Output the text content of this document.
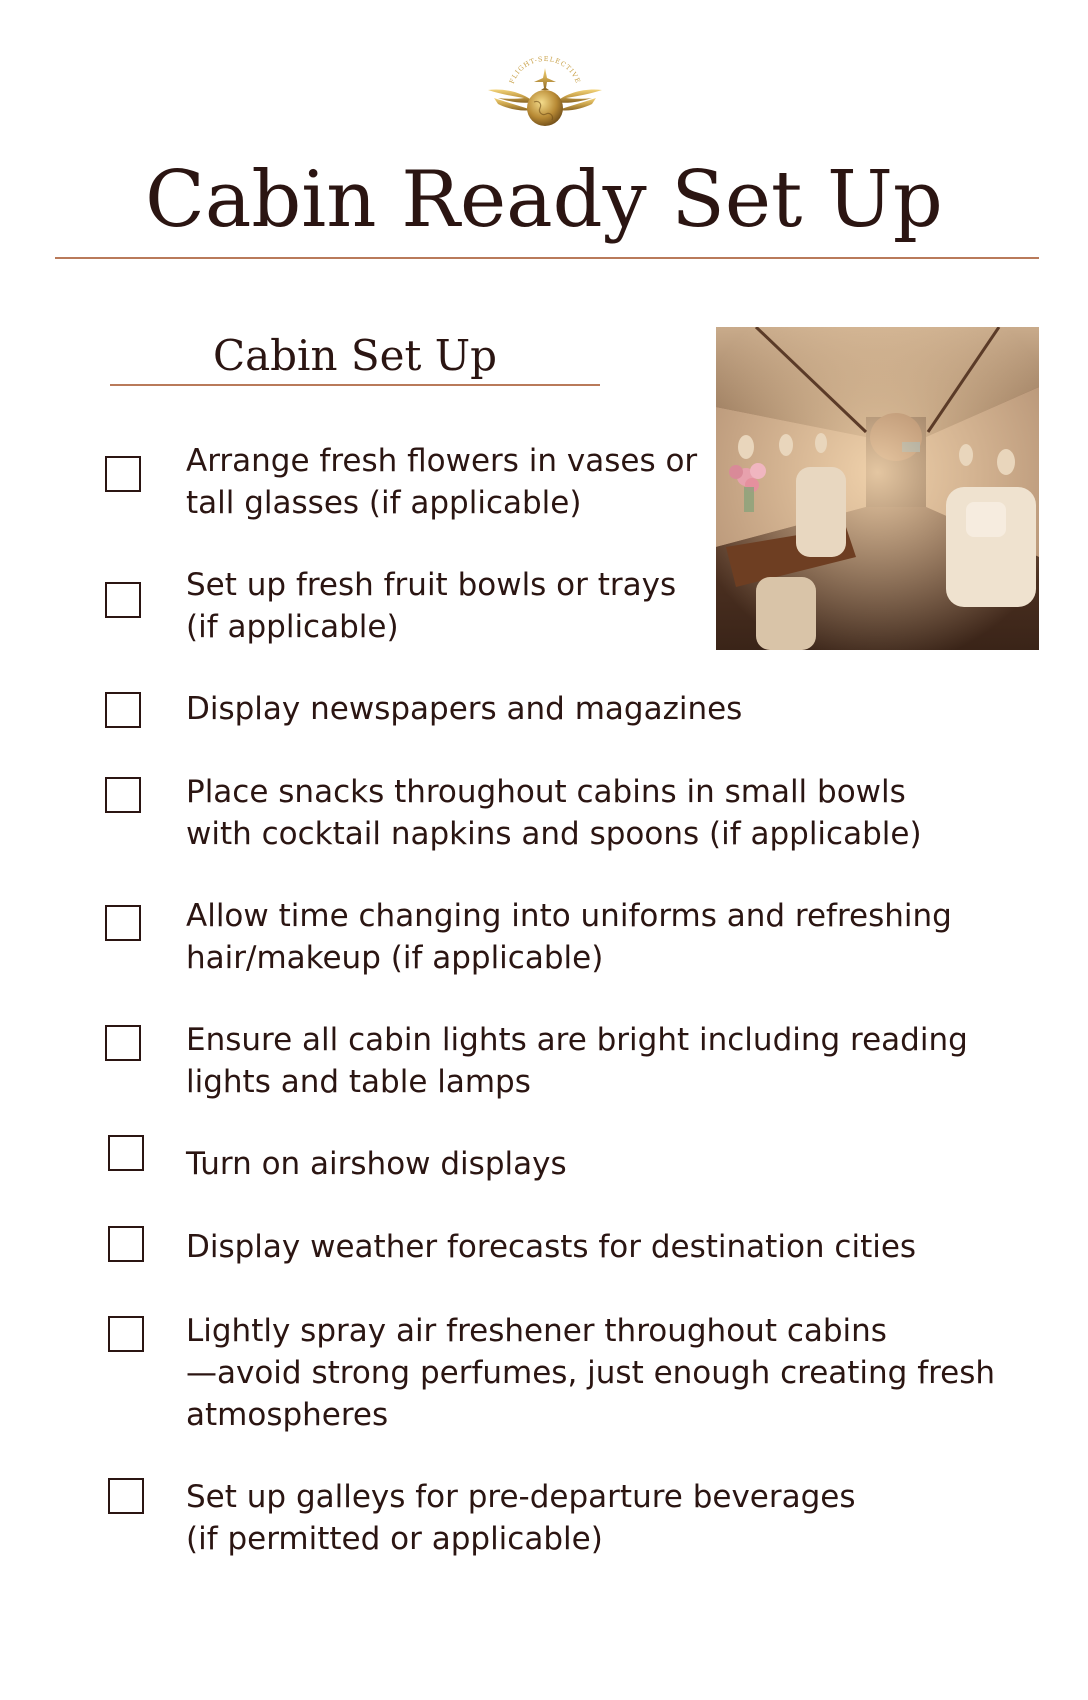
FLIGHT-SELECTIVE
Cabin Ready Set Up
Cabin Set Up
Arrange fresh flowers in vases or
tall glasses (if applicable)
Set up fresh fruit bowls or trays
(if applicable)
Display newspapers and magazines
Place snacks throughout cabins in small bowls
with cocktail napkins and spoons (if applicable)
Allow time changing into uniforms and refreshing
hair/makeup (if applicable)
Ensure all cabin lights are bright including reading
lights and table lamps
Turn on airshow displays
Display weather forecasts for destination cities
Lightly spray air freshener throughout cabins
—avoid strong perfumes, just enough creating fresh
atmospheres
Set up galleys for pre-departure beverages
(if permitted or applicable)
